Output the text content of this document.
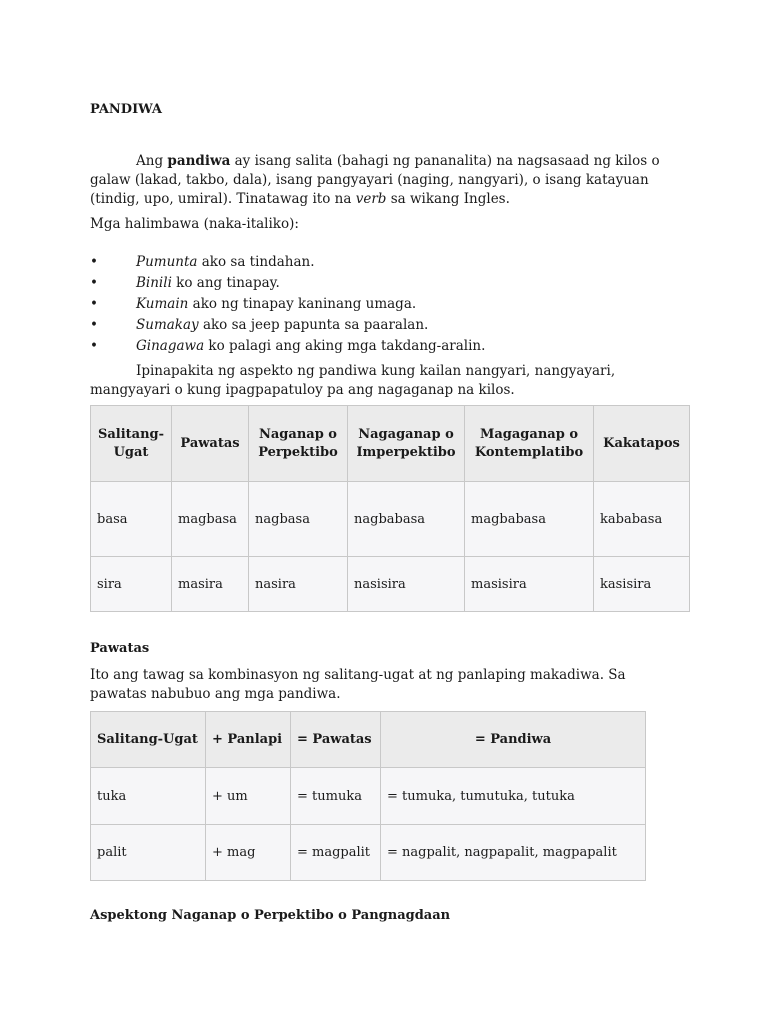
PANDIWA
Ang pandiwa ay isang salita (bahagi ng pananalita) na nagsasaad ng kilos o galaw (lakad, takbo, dala), isang pangyayari (naging, nangyari), o isang katayuan (tindig, upo, umiral). Tinatawag ito na verb sa wikang Ingles.
Mga halimbawa (naka-italiko):
•	Pumunta ako sa tindahan.
•	Binili ko ang tinapay.
•	Kumain ako ng tinapay kaninang umaga.
•	Sumakay ako sa jeep papunta sa paaralan.
•	Ginagawa ko palagi ang aking mga takdang-aralin.
Ipinapakita ng aspekto ng pandiwa kung kailan nangyari, nangyayari, mangyayari o kung ipagpapatuloy pa ang nagaganap na kilos.
Salitang-Ugat	Pawatas	Naganap o Perpektibo	Nagaganap o Imperpektibo	Magaganap o Kontemplatibo	Kakatapos
basa	magbasa	nagbasa	nagbabasa	magbabasa	kababasa
sira	masira	nasira	nasisira	masisira	kasisira
Pawatas
Ito ang tawag sa kombinasyon ng salitang-ugat at ng panlaping makadiwa. Sa pawatas nabubuo ang mga pandiwa.
Salitang-Ugat	+ Panlapi	= Pawatas	= Pandiwa
tuka	+ um	= tumuka	= tumuka, tumutuka, tutuka
palit	+ mag	= magpalit	= nagpalit, nagpapalit, magpapalit
Aspektong Naganap o Perpektibo o Pangnagdaan
